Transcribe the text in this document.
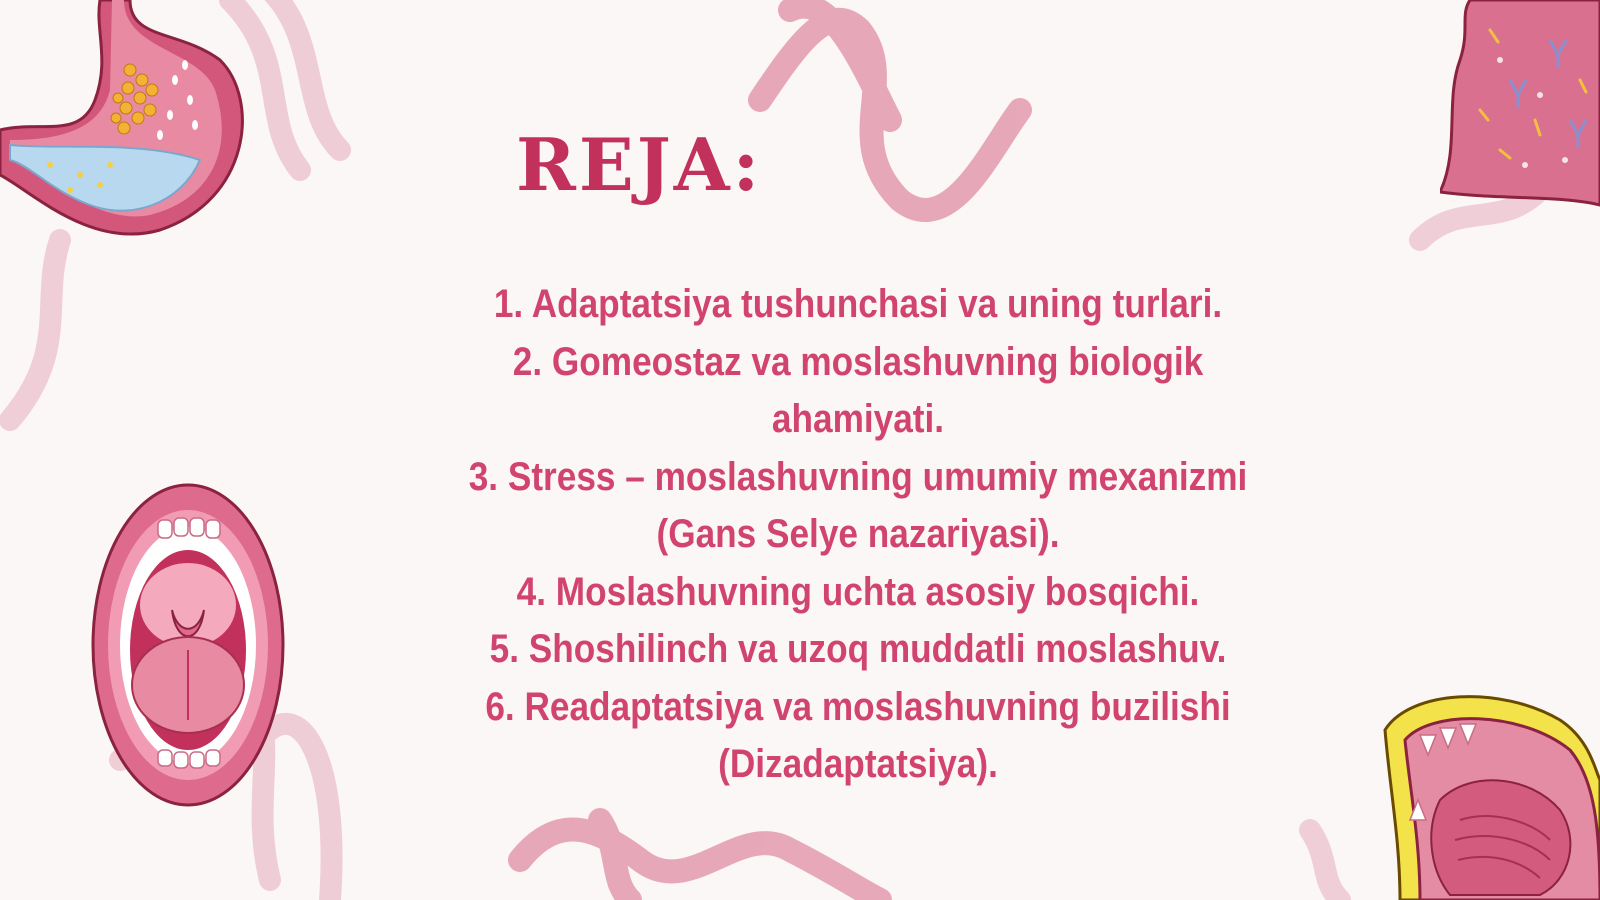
REJA:
1. Adaptatsiya tushunchasi va uning turlari.
2. Gomeostaz va moslashuvning biologik ahamiyati.
3. Stress – moslashuvning umumiy mexanizmi (Gans Selye nazariyasi).
4. Moslashuvning uchta asosiy bosqichi.
5. Shoshilinch va uzoq muddatli moslashuv.
6. Readaptatsiya va moslashuvning buzilishi (Dizadaptatsiya).
